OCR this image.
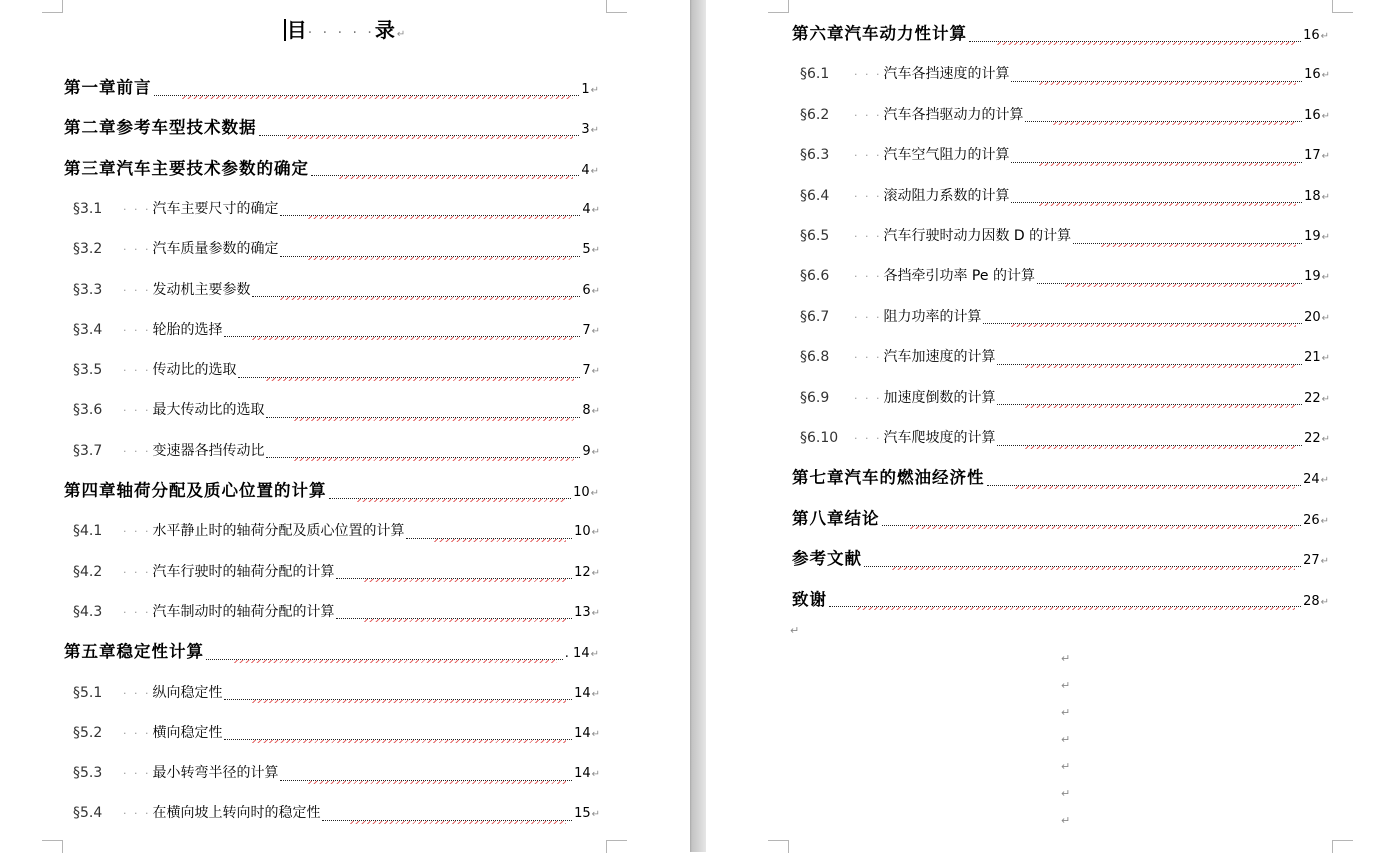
目· · · · ·录↵
第一章前言	1 ↵
第二章参考车型技术数据	3 ↵
第三章汽车主要技术参数的确定	4 ↵
§3.1	· · · 汽车主要尺寸的确定	4 ↵
§3.2	· · · 汽车质量参数的确定	5 ↵
§3.3	· · · 发动机主要参数	6 ↵
§3.4	· · · 轮胎的选择	7 ↵
§3.5	· · · 传动比的选取	7 ↵
§3.6	· · · 最大传动比的选取	8 ↵
§3.7	· · · 变速器各挡传动比	9 ↵
第四章轴荷分配及质心位置的计算	10 ↵
§4.1	· · · 水平静止时的轴荷分配及质心位置的计算	10 ↵
§4.2	· · · 汽车行驶时的轴荷分配的计算	12 ↵
§4.3	· · · 汽车制动时的轴荷分配的计算	13 ↵
第五章稳定性计算	. 14 ↵
§5.1	· · · 纵向稳定性	14 ↵
§5.2	· · · 横向稳定性	14 ↵
§5.3	· · · 最小转弯半径的计算	14 ↵
§5.4	· · · 在横向坡上转向时的稳定性	15 ↵
第六章汽车动力性计算	16 ↵
§6.1	· · · 汽车各挡速度的计算	16 ↵
§6.2	· · · 汽车各挡驱动力的计算	16 ↵
§6.3	· · · 汽车空气阻力的计算	17 ↵
§6.4	· · · 滚动阻力系数的计算	18 ↵
§6.5	· · · 汽车行驶时动力因数 D 的计算	19 ↵
§6.6	· · · 各挡牵引功率 Pe 的计算	19 ↵
§6.7	· · · 阻力功率的计算	20 ↵
§6.8	· · · 汽车加速度的计算	21 ↵
§6.9	· · · 加速度倒数的计算	22 ↵
§6.10	· · · 汽车爬坡度的计算	22 ↵
第七章汽车的燃油经济性	24 ↵
第八章结论	26 ↵
参考文献	27 ↵
致谢	28 ↵
↵
↵
↵
↵
↵
↵
↵
↵
